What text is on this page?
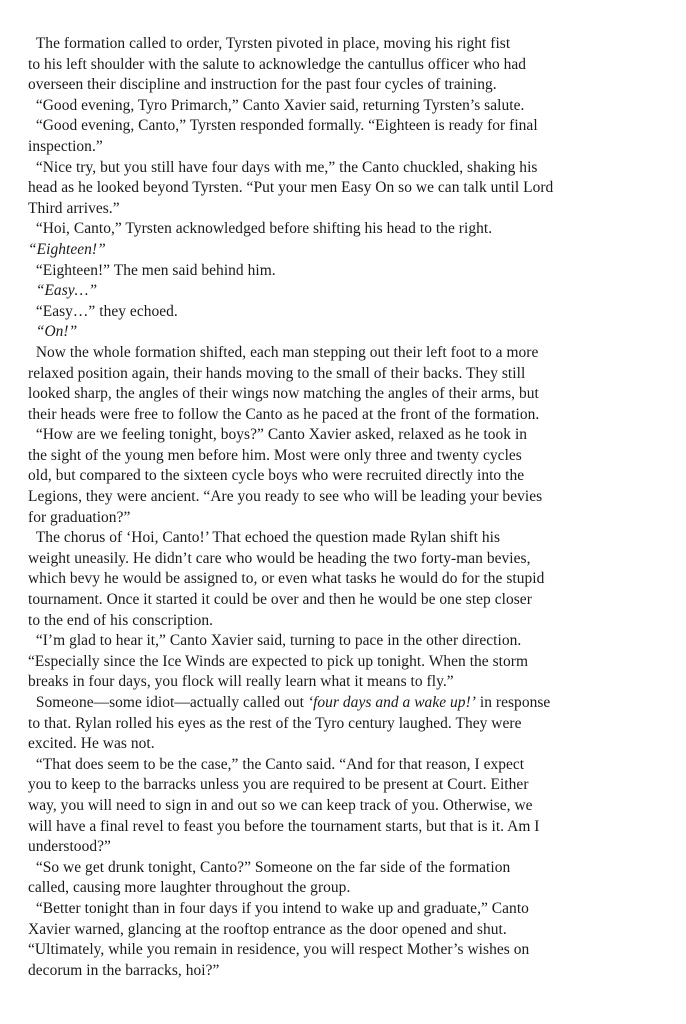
The formation called to order, Tyrsten pivoted in place, moving his right fist
to his left shoulder with the salute to acknowledge the cantullus officer who had
overseen their discipline and instruction for the past four cycles of training.
“Good evening, Tyro Primarch,” Canto Xavier said, returning Tyrsten’s salute.
“Good evening, Canto,” Tyrsten responded formally. “Eighteen is ready for final
inspection.”
“Nice try, but you still have four days with me,” the Canto chuckled, shaking his
head as he looked beyond Tyrsten. “Put your men Easy On so we can talk until Lord
Third arrives.”
“Hoi, Canto,” Tyrsten acknowledged before shifting his head to the right.
“Eighteen!”
“Eighteen!” The men said behind him.
“Easy…”
“Easy…” they echoed.
“On!”
Now the whole formation shifted, each man stepping out their left foot to a more
relaxed position again, their hands moving to the small of their backs. They still
looked sharp, the angles of their wings now matching the angles of their arms, but
their heads were free to follow the Canto as he paced at the front of the formation.
“How are we feeling tonight, boys?” Canto Xavier asked, relaxed as he took in
the sight of the young men before him. Most were only three and twenty cycles
old, but compared to the sixteen cycle boys who were recruited directly into the
Legions, they were ancient. “Are you ready to see who will be leading your bevies
for graduation?”
The chorus of ‘Hoi, Canto!’ That echoed the question made Rylan shift his
weight uneasily. He didn’t care who would be heading the two forty-man bevies,
which bevy he would be assigned to, or even what tasks he would do for the stupid
tournament. Once it started it could be over and then he would be one step closer
to the end of his conscription.
“I’m glad to hear it,” Canto Xavier said, turning to pace in the other direction.
“Especially since the Ice Winds are expected to pick up tonight. When the storm
breaks in four days, you flock will really learn what it means to fly.”
Someone—some idiot—actually called out ‘four days and a wake up!’ in response
to that. Rylan rolled his eyes as the rest of the Tyro century laughed. They were
excited. He was not.
“That does seem to be the case,” the Canto said. “And for that reason, I expect
you to keep to the barracks unless you are required to be present at Court. Either
way, you will need to sign in and out so we can keep track of you. Otherwise, we
will have a final revel to feast you before the tournament starts, but that is it. Am I
understood?”
“So we get drunk tonight, Canto?” Someone on the far side of the formation
called, causing more laughter throughout the group.
“Better tonight than in four days if you intend to wake up and graduate,” Canto
Xavier warned, glancing at the rooftop entrance as the door opened and shut.
“Ultimately, while you remain in residence, you will respect Mother’s wishes on
decorum in the barracks, hoi?”
